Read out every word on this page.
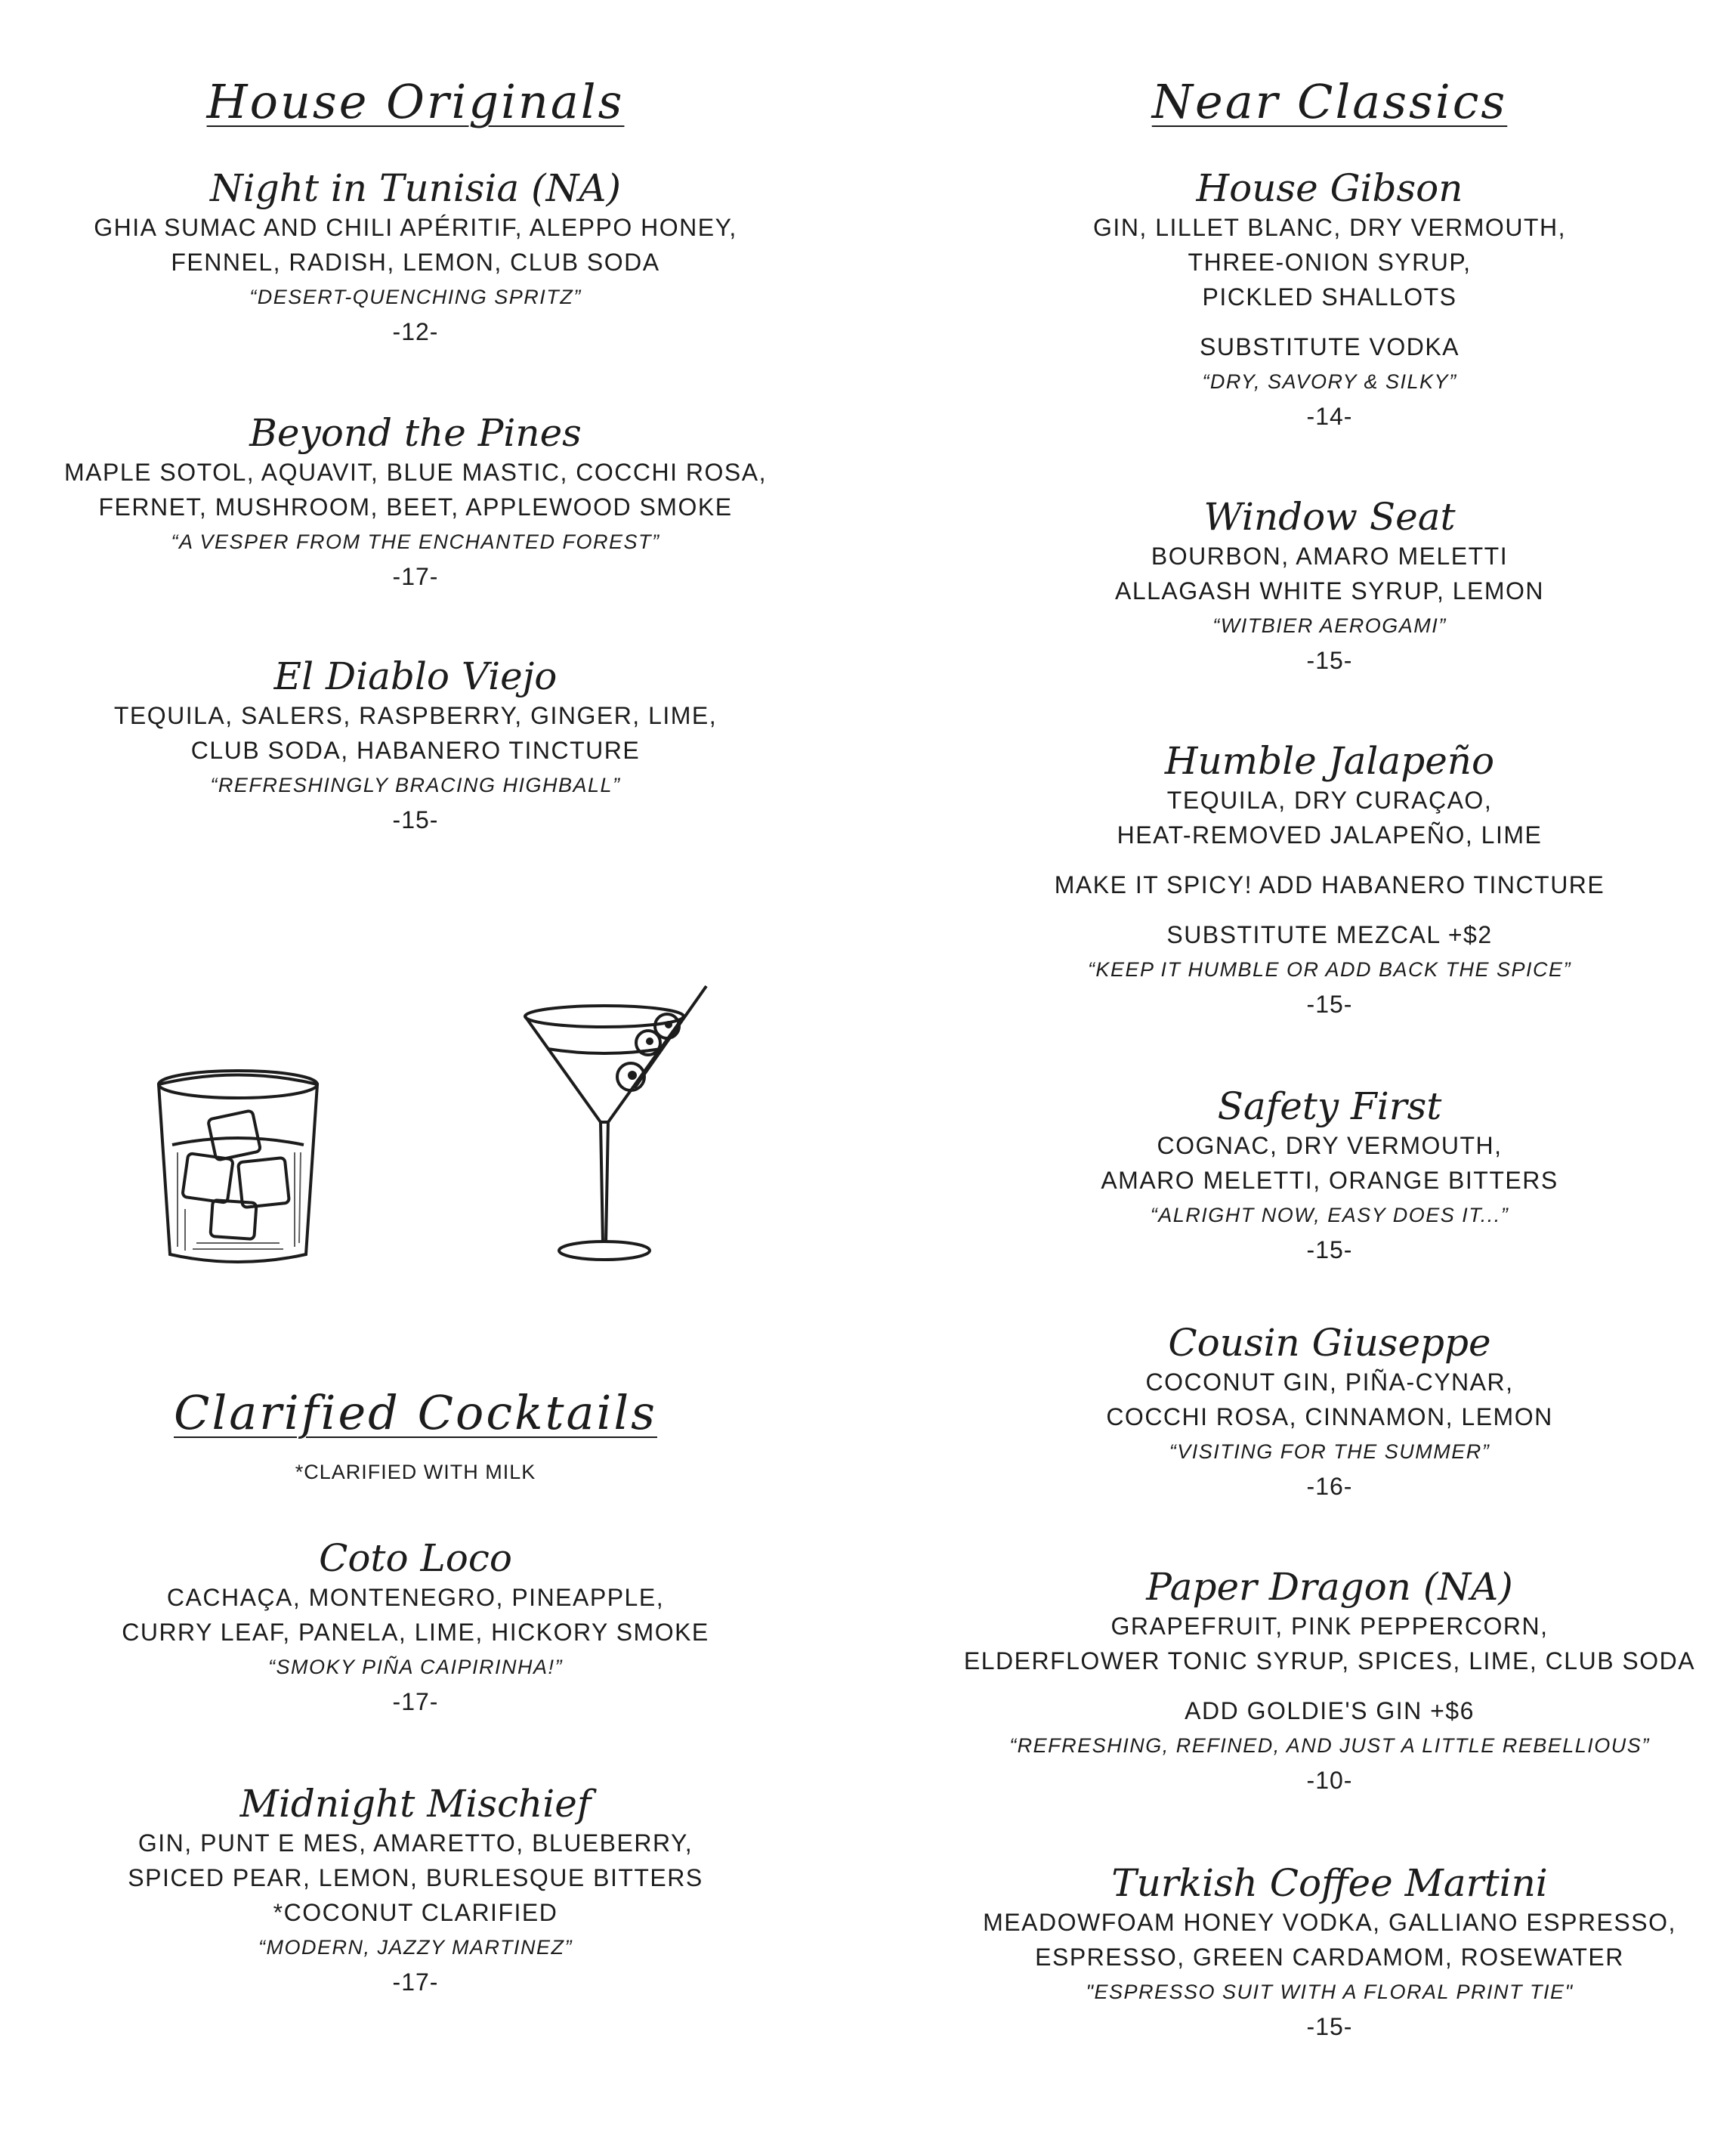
House Originals
Night in Tunisia (NA)
GHIA SUMAC AND CHILI APÉRITIF, ALEPPO HONEY,
FENNEL, RADISH, LEMON, CLUB SODA
“DESERT-QUENCHING SPRITZ”
-12-
Beyond the Pines
MAPLE SOTOL, AQUAVIT, BLUE MASTIC, COCCHI ROSA,
FERNET, MUSHROOM, BEET, APPLEWOOD SMOKE
“A VESPER FROM THE ENCHANTED FOREST”
-17-
El Diablo Viejo
TEQUILA, SALERS, RASPBERRY, GINGER, LIME,
CLUB SODA, HABANERO TINCTURE
“REFRESHINGLY BRACING HIGHBALL”
-15-
Clarified Cocktails
*CLARIFIED WITH MILK
Coto Loco
CACHAÇA, MONTENEGRO, PINEAPPLE,
CURRY LEAF, PANELA, LIME, HICKORY SMOKE
“SMOKY PIÑA CAIPIRINHA!”
-17-
Midnight Mischief
GIN, PUNT E MES, AMARETTO, BLUEBERRY,
SPICED PEAR, LEMON, BURLESQUE BITTERS
*COCONUT CLARIFIED
“MODERN, JAZZY MARTINEZ”
-17-
Near Classics
House Gibson
GIN, LILLET BLANC, DRY VERMOUTH,
THREE-ONION SYRUP,
PICKLED SHALLOTS
SUBSTITUTE VODKA
“DRY, SAVORY & SILKY”
-14-
Window Seat
BOURBON, AMARO MELETTI
ALLAGASH WHITE SYRUP, LEMON
“WITBIER AEROGAMI”
-15-
Humble Jalapeño
TEQUILA, DRY CURAÇAO,
HEAT-REMOVED JALAPEÑO, LIME
MAKE IT SPICY! ADD HABANERO TINCTURE
SUBSTITUTE MEZCAL +$2
“KEEP IT HUMBLE OR ADD BACK THE SPICE”
-15-
Safety First
COGNAC, DRY VERMOUTH,
AMARO MELETTI, ORANGE BITTERS
“ALRIGHT NOW, EASY DOES IT...”
-15-
Cousin Giuseppe
COCONUT GIN, PIÑA-CYNAR,
COCCHI ROSA, CINNAMON, LEMON
“VISITING FOR THE SUMMER”
-16-
Paper Dragon (NA)
GRAPEFRUIT, PINK PEPPERCORN,
ELDERFLOWER TONIC SYRUP, SPICES, LIME, CLUB SODA
ADD GOLDIE'S GIN +$6
“REFRESHING, REFINED, AND JUST A LITTLE REBELLIOUS”
-10-
Turkish Coffee Martini
MEADOWFOAM HONEY VODKA, GALLIANO ESPRESSO,
ESPRESSO, GREEN CARDAMOM, ROSEWATER
"ESPRESSO SUIT WITH A FLORAL PRINT TIE"
-15-
